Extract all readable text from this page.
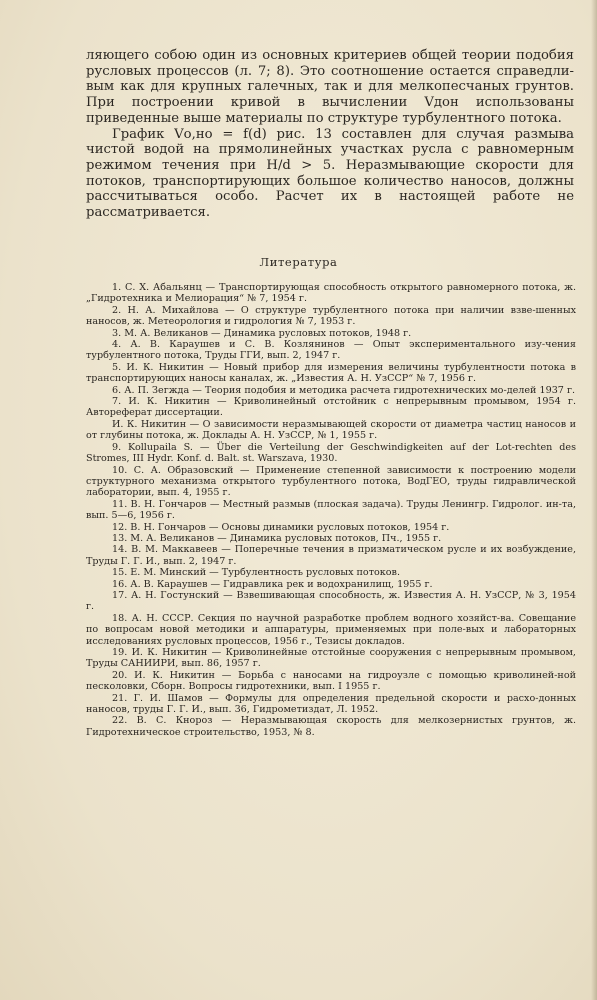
ляющего собою один из основных критериев общей теории подобия русловых процессов (л. 7; 8). Это соотношение остается справедли-вым как для крупных галечных, так и для мелкопесчаных грунтов. При построении кривой в вычислении Vдон использованы приведенные выше материалы по структуре турбулентного потока.

График Vо,но = f(d) рис. 13 составлен для случая размыва чистой водой на прямолинейных участках русла с равномерным режимом течения при H/d > 5. Неразмывающие скорости для потоков, транспортирующих большое количество наносов, должны рассчитываться особо. Расчет их в настоящей работе не рассматривается.

Литература

1. С. Х. Абальянц — Транспортирующая способность открытого равномерного потока, ж. „Гидротехника и Мелиорация“ № 7, 1954 г.

2. Н. А. Михайлова — О структуре турбулентного потока при наличии взве-шенных наносов, ж. Метеорология и гидрология № 7, 1953 г.

3. М. А. Великанов — Динамика русловых потоков, 1948 г.

4. А. В. Караушев и С. В. Козлянинов — Опыт экспериментального изу-чения турбулентного потока, Труды ГГИ, вып. 2, 1947 г.

5. И. К. Никитин — Новый прибор для измерения величины турбулентности потока в транспортирующих наносы каналах, ж. „Известия А. Н. УзССР“ № 7, 1956 г.

6. А. П. Зегжда — Теория подобия и методика расчета гидротехнических мо-делей 1937 г.

7. И. К. Никитин — Криволинейный отстойник с непрерывным промывом, 1954 г. Автореферат диссертации.

И. К. Никитин — О зависимости неразмывающей скорости от диаметра частиц наносов и от глубины потока, ж. Доклады А. Н. УзССР, № 1, 1955 г.

9. Kollupaila S. — Über die Verteilung der Geschwindigkeiten auf der Lot-rechten des Stromes, III Hydr. Konf. d. Balt. st. Warszava, 1930.

10. С. А. Образовский — Применение степенной зависимости к построению модели структурного механизма открытого турбулентного потока, ВодГЕО, труды гидравлической лаборатории, вып. 4, 1955 г.

11. В. Н. Гончаров — Местный размыв (плоская задача). Труды Ленингр. Гидролог. ин-та, вып. 5—6, 1956 г.

12. В. Н. Гончаров — Основы динамики русловых потоков, 1954 г.

13. М. А. Великанов — Динамика русловых потоков, Пч., 1955 г.

14. В. М. Маккавеев — Поперечные течения в призматическом русле и их возбуждение, Труды Г. Г. И., вып. 2, 1947 г.

15. Е. М. Минский — Турбулентность русловых потоков.

16. А. В. Караушев — Гидравлика рек и водохранилищ, 1955 г.

17. А. Н. Гостунский — Взвешивающая способность, ж. Известия А. Н. УзССР, № 3, 1954 г.

18. А. Н. СССР. Секция по научной разработке проблем водного хозяйст-ва. Совещание по вопросам новой методики и аппаратуры, применяемых при поле-вых и лабораторных исследованиях русловых процессов, 1956 г., Тезисы докладов.

19. И. К. Никитин — Криволинейные отстойные сооружения с непрерывным промывом, Труды САНИИРИ, вып. 86, 1957 г.

20. И. К. Никитин — Борьба с наносами на гидроузле с помощью криволиней-ной песколовки, Сборн. Вопросы гидротехники, вып. I 1955 г.

21. Г. И. Шамов — Формулы для определения предельной скорости и расхо-донных наносов, труды Г. Г. И., вып. 36, Гидрометиздат, Л. 1952.

22. В. С. Кнороз — Неразмывающая скорость для мелкозернистых грунтов, ж. Гидротехническое строительство, 1953, № 8.
